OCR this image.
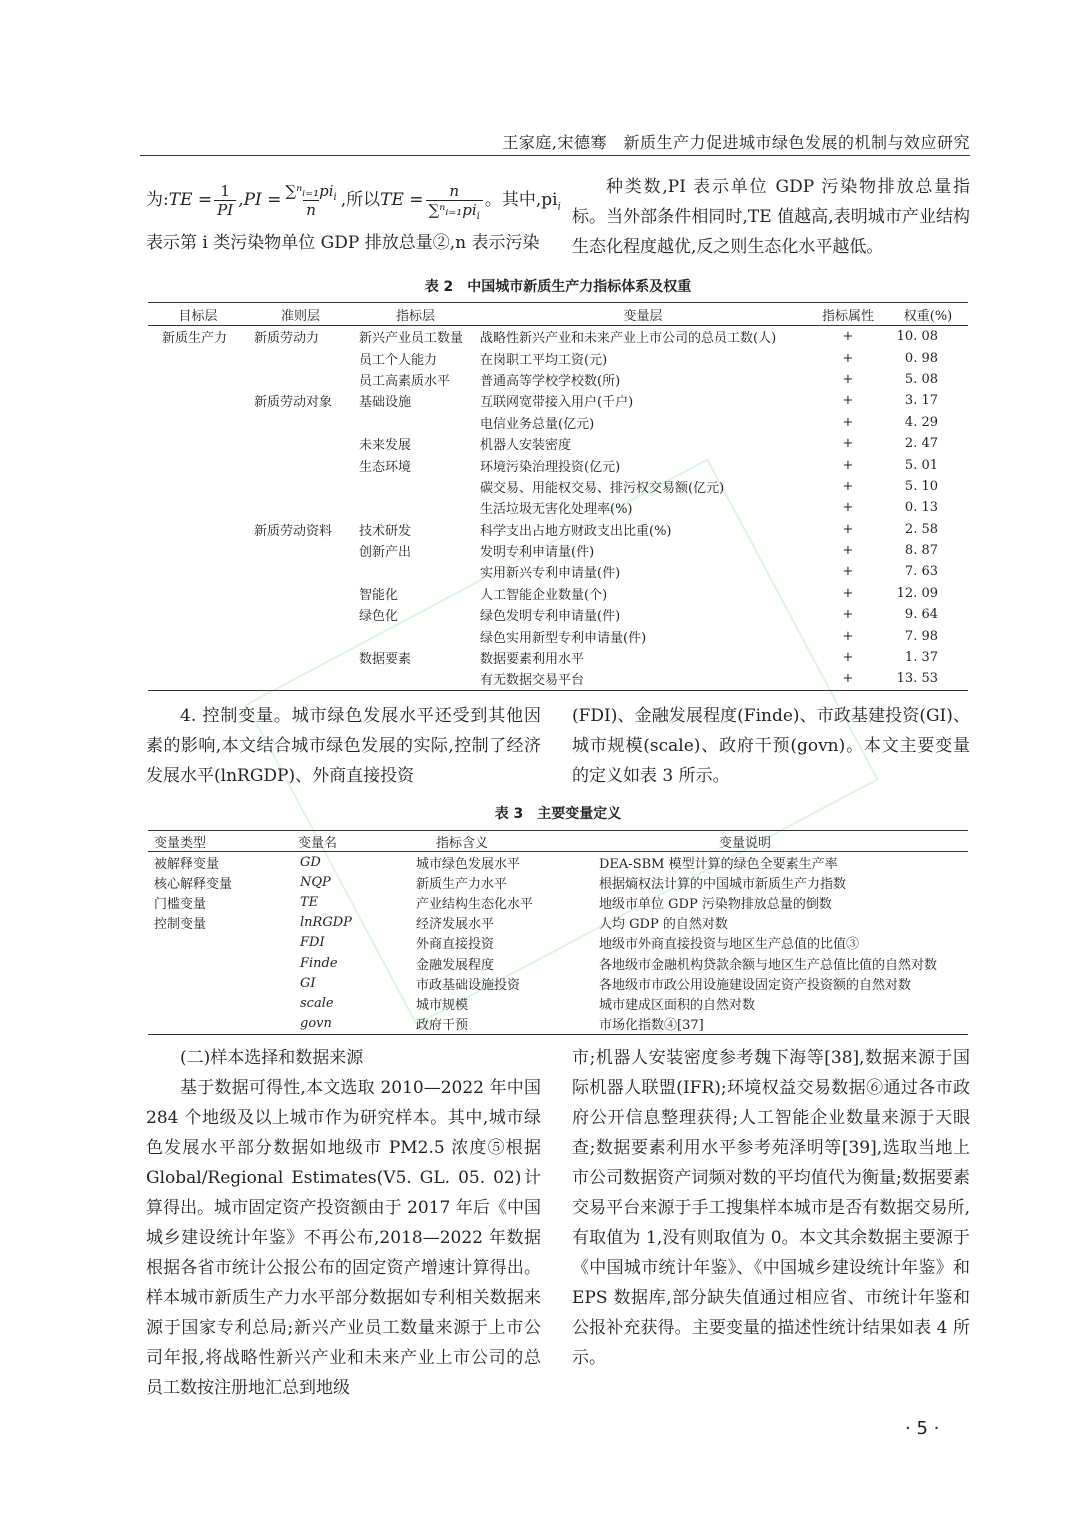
王家庭,宋德骞　新质生产力促进城市绿色发展的机制与效应研究
为: TE = $\frac{1}{PI} ,PI = \frac{\sum^nᵢ_{=1}pi_i}{n}$ ,所以 TE = $\frac{n}{\sum^nᵢ_{=1}pi_i}$ 。其中$,pi_i$

表示第 i 类污染物单位 GDP 排放总量②,n 表示污染

种类数,PI 表示单位 GDP 污染物排放总量指标。当外部条件相同时,TE 值越高,表明城市产业结构生态化程度越优,反之则生态化水平越低。

表 2　中国城市新质生产力指标体系及权重
目标层	准则层	指标层	变量层	指标属性	权重(%)
新质生产力	新质劳动力	新兴产业员工数量	战略性新兴产业和未来产业上市公司的总员工数(人)	+	10. 08
		员工个人能力	在岗职工平均工资(元)	+	0. 98
		员工高素质水平	普通高等学校学校数(所)	+	5. 08
	新质劳动对象	基础设施	互联网宽带接入用户(千户)	+	3. 17
			电信业务总量(亿元)	+	4. 29
		未来发展	机器人安装密度	+	2. 47
		生态环境	环境污染治理投资(亿元)	+	5. 01
			碳交易、用能权交易、排污权交易额(亿元)	+	5. 10
			生活垃圾无害化处理率(%)	+	0. 13
	新质劳动资料	技术研发	科学支出占地方财政支出比重(%)	+	2. 58
		创新产出	发明专利申请量(件)	+	8. 87
			实用新兴专利申请量(件)	+	7. 63
		智能化	人工智能企业数量(个)	+	12. 09
		绿色化	绿色发明专利申请量(件)	+	9. 64
			绿色实用新型专利申请量(件)	+	7. 98
		数据要素	数据要素利用水平	+	1. 37
			有无数据交易平台	+	13. 53

4. 控制变量。城市绿色发展水平还受到其他因素的影响,本文结合城市绿色发展的实际,控制了经济发展水平(lnRGDP)、外商直接投资

(FDI)、金融发展程度(Finde)、市政基建投资(GI)、城市规模(scale)、政府干预(govn)。本文主要变量的定义如表 3 所示。

表 3　主要变量定义
变量类型	变量名	指标含义	变量说明
被解释变量	GD	城市绿色发展水平	DEA-SBM 模型计算的绿色全要素生产率
核心解释变量	NQP	新质生产力水平	根据熵权法计算的中国城市新质生产力指数
门槛变量	TE	产业结构生态化水平	地级市单位 GDP 污染物排放总量的倒数
控制变量	lnRGDP	经济发展水平	人均 GDP 的自然对数
	FDI	外商直接投资	地级市外商直接投资与地区生产总值的比值③
	Finde	金融发展程度	各地级市金融机构贷款余额与地区生产总值比值的自然对数
	GI	市政基础设施投资	各地级市市政公用设施建设固定资产投资额的自然对数
	scale	城市规模	城市建成区面积的自然对数
	govn	政府干预	市场化指数④[37]

(二)样本选择和数据来源

基于数据可得性,本文选取 2010—2022 年中国 284 个地级及以上城市作为研究样本。其中,城市绿色发展水平部分数据如地级市 PM2.5 浓度⑤根据 Global/Regional Estimates(V5. GL. 05. 02)计算得出。城市固定资产投资额由于 2017 年后《中国城乡建设统计年鉴》不再公布,2018—2022 年数据根据各省市统计公报公布的固定资产增速计算得出。样本城市新质生产力水平部分数据如专利相关数据来源于国家专利总局;新兴产业员工数量来源于上市公司年报,将战略性新兴产业和未来产业上市公司的总员工数按注册地汇总到地级

市;机器人安装密度参考魏下海等[38],数据来源于国际机器人联盟(IFR);环境权益交易数据⑥通过各市政府公开信息整理获得;人工智能企业数量来源于天眼查;数据要素利用水平参考苑泽明等[39],选取当地上市公司数据资产词频对数的平均值代为衡量;数据要素交易平台来源于手工搜集样本城市是否有数据交易所,有取值为 1,没有则取值为 0。本文其余数据主要源于《中国城市统计年鉴》、《中国城乡建设统计年鉴》和 EPS 数据库,部分缺失值通过相应省、市统计年鉴和公报补充获得。主要变量的描述性统计结果如表 4 所示。

· 5 ·
